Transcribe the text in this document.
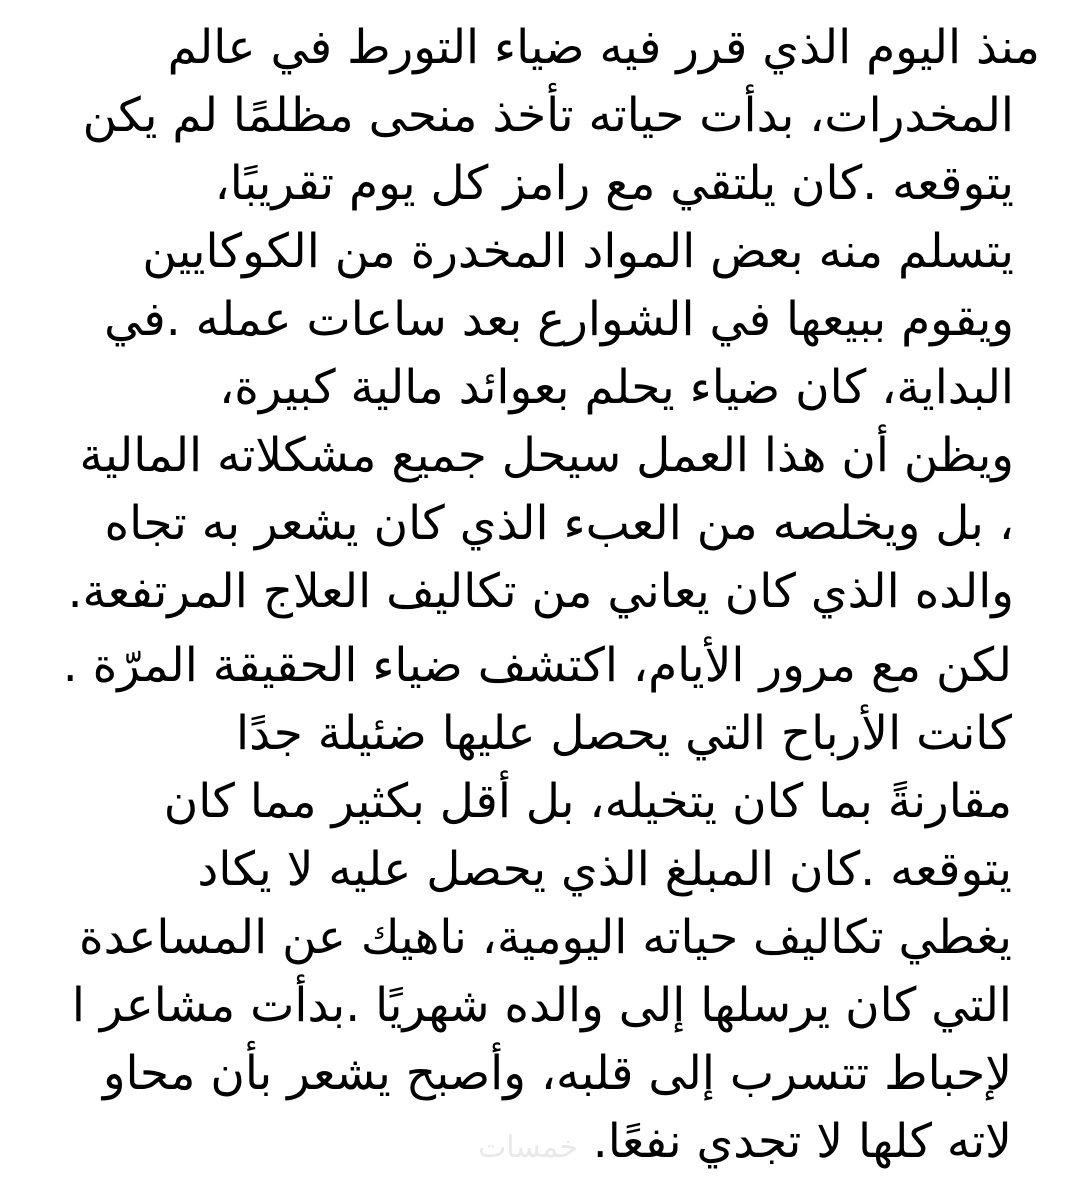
منذ اليوم الذي قرر فيه ضياء التورط في عالم
المخدرات، بدأت حياته تأخذ منحى مظلمًا لم يكن
يتوقعه .كان يلتقي مع رامز كل يوم تقريبًا،
يتسلم منه بعض المواد المخدرة من الكوكايين
ويقوم ببيعها في الشوارع بعد ساعات عمله .في
البداية، كان ضياء يحلم بعوائد مالية كبيرة،
ويظن أن هذا العمل سيحل جميع مشكلاته المالية
، بل ويخلصه من العبء الذي كان يشعر به تجاه
والده الذي كان يعاني من تكاليف العلاج المرتفعة.
لكن مع مرور الأيام، اكتشف ضياء الحقيقة المرّة .
كانت الأرباح التي يحصل عليها ضئيلة جدًا
مقارنةً بما كان يتخيله، بل أقل بكثير مما كان
يتوقعه .كان المبلغ الذي يحصل عليه لا يكاد
يغطي تكاليف حياته اليومية، ناهيك عن المساعدة
التي كان يرسلها إلى والده شهريًا .بدأت مشاعر ا
لإحباط تتسرب إلى قلبه، وأصبح يشعر بأن محاو
لاته كلها لا تجدي نفعًا.
خمسات
